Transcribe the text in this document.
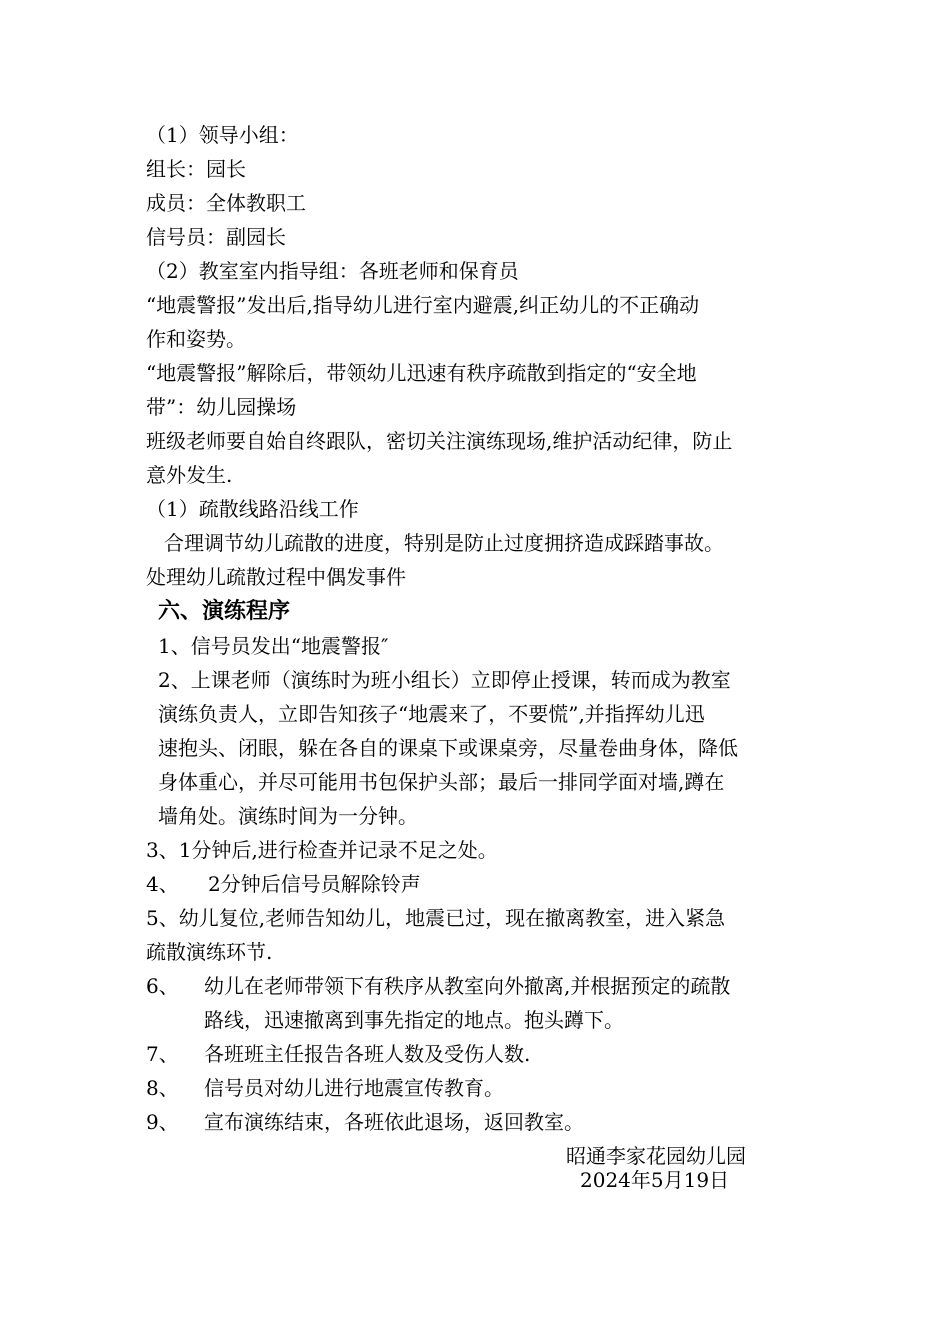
（1）领导小组：
组长：园长
成员：全体教职工
信号员：副园长
（2）教室室内指导组：各班老师和保育员
“地震警报”发出后,指导幼儿进行室内避震,纠正幼儿的不正确动
作和姿势。
“地震警报”解除后，带领幼儿迅速有秩序疏散到指定的“安全地
带”：幼儿园操场
班级老师要自始自终跟队，密切关注演练现场,维护活动纪律，防止
意外发生.
（1）疏散线路沿线工作
合理调节幼儿疏散的进度，特别是防止过度拥挤造成踩踏事故。
处理幼儿疏散过程中偶发事件
六、演练程序
1、信号员发出“地震警报″
2、上课老师（演练时为班小组长）立即停止授课，转而成为教室
演练负责人，立即告知孩子“地震来了，不要慌”,并指挥幼儿迅
速抱头、闭眼，躲在各自的课桌下或课桌旁，尽量卷曲身体，降低
身体重心，并尽可能用书包保护头部；最后一排同学面对墙,蹲在
墙角处。演练时间为一分钟。
3、1分钟后,进行检查并记录不足之处。
4、 2分钟后信号员解除铃声
5、幼儿复位,老师告知幼儿，地震已过，现在撤离教室，进入紧急
疏散演练环节.
6、 幼儿在老师带领下有秩序从教室向外撤离,并根据预定的疏散
路线，迅速撤离到事先指定的地点。抱头蹲下。
7、 各班班主任报告各班人数及受伤人数.
8、 信号员对幼儿进行地震宣传教育。
9、 宣布演练结束，各班依此退场，返回教室。
昭通李家花园幼儿园
2024年5月19日
